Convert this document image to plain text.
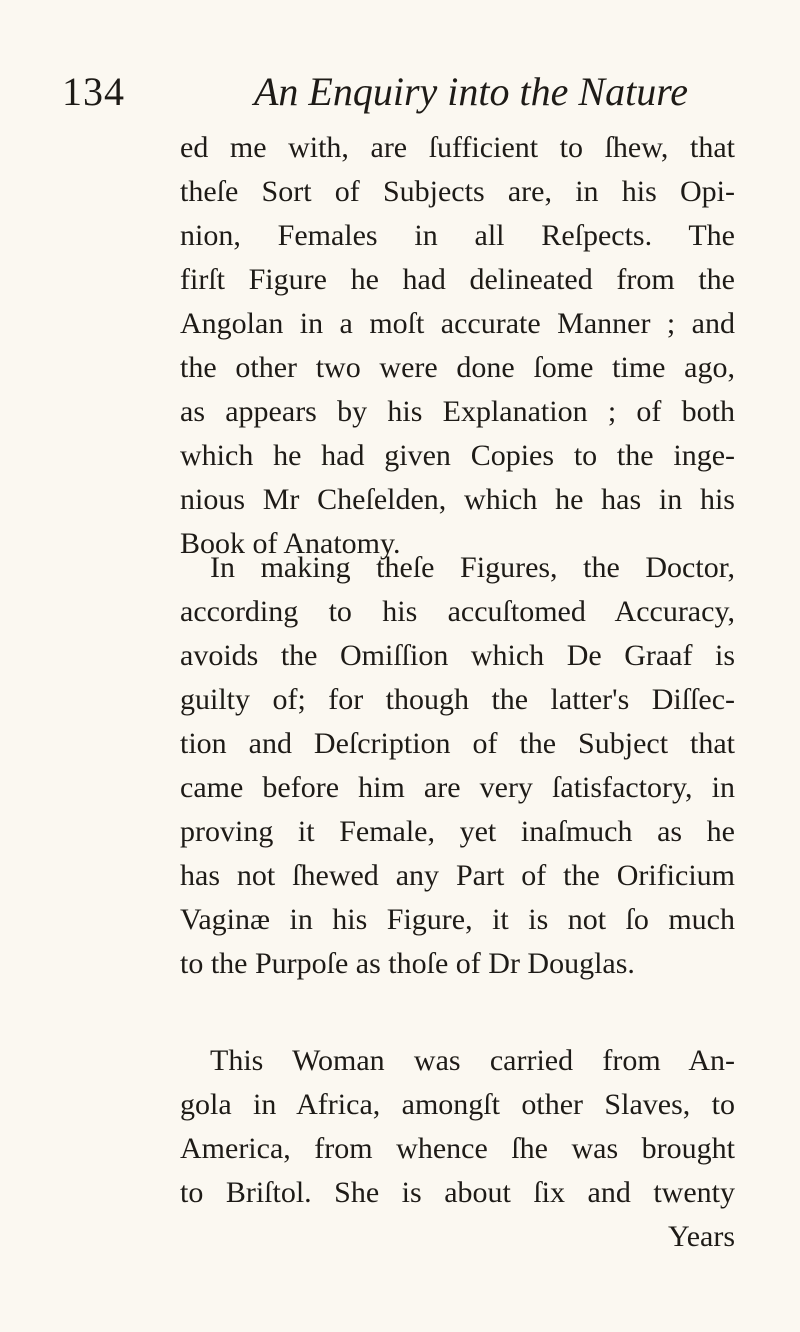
134	An Enquiry into the Nature
ed me with, are ſufficient to ſhew, that
theſe Sort of Subjects are, in his Opi-
nion, Females in all Reſpects. The
firſt Figure he had delineated from the
Angolan in a moſt accurate Manner ; and
the other two were done ſome time ago,
as appears by his Explanation ; of both
which he had given Copies to the inge-
nious Mr Cheſelden, which he has in his
Book of Anatomy.
In making theſe Figures, the Doctor,
according to his accuſtomed Accuracy,
avoids the Omiſſion which De Graaf is
guilty of; for though the latter's Diſſec-
tion and Deſcription of the Subject that
came before him are very ſatisfactory, in
proving it Female, yet inaſmuch as he
has not ſhewed any Part of the Orificium
Vaginæ in his Figure, it is not ſo much
to the Purpoſe as thoſe of Dr Douglas.
This Woman was carried from An-
gola in Africa, amongſt other Slaves, to
America, from whence ſhe was brought
to Briſtol. She is about ſix and twenty
Years
